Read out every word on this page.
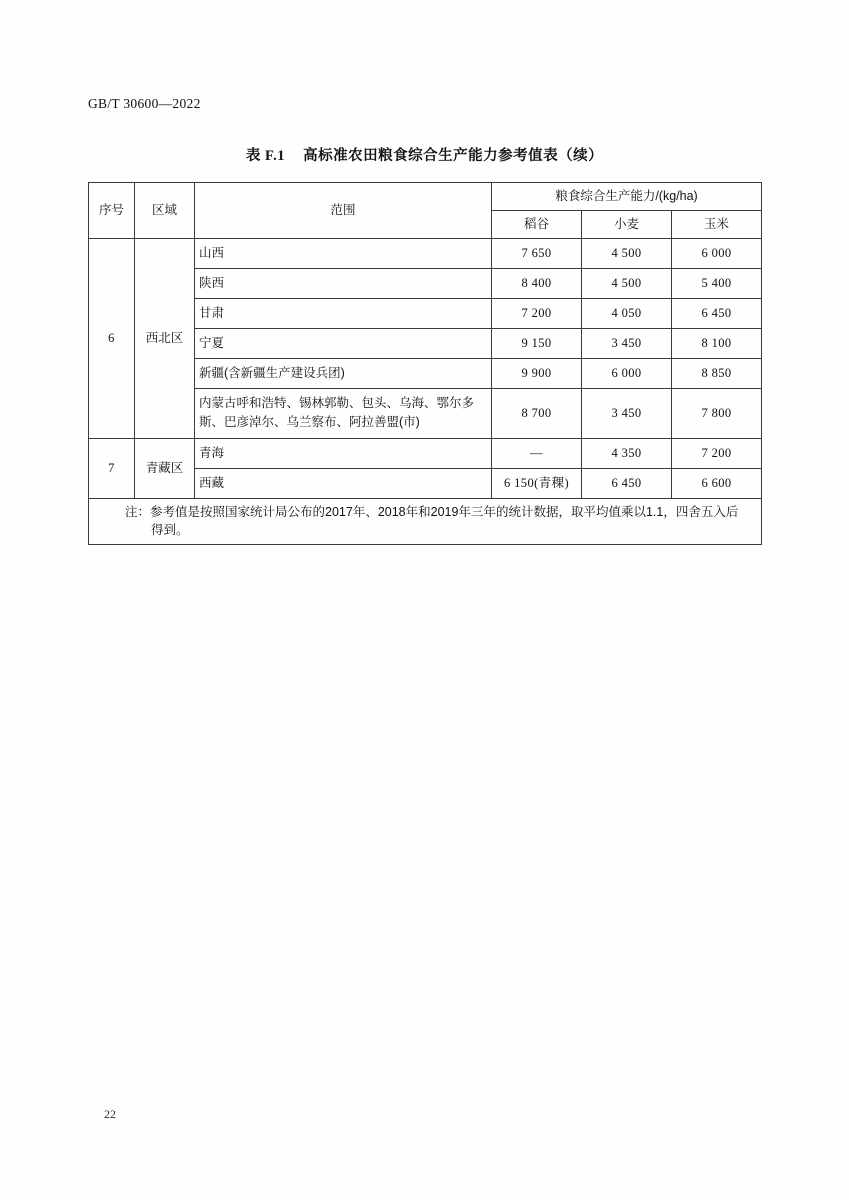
GB/T 30600—2022
表 F.1 高标准农田粮食综合生产能力参考值表（续）
序号	区域	范围	粮食综合生产能力/(kg/ha)		
			稻谷	小麦	玉米
6	西北区	山西	7 650	4 500	6 000
		陕西	8 400	4 500	5 400
		甘肃	7 200	4 050	6 450
		宁夏	9 150	3 450	8 100
		新疆(含新疆生产建设兵团)	9 900	6 000	8 850
		内蒙古呼和浩特、锡林郭勒、包头、乌海、鄂尔多斯、巴彦淖尔、乌兰察布、阿拉善盟(市)	8 700	3 450	7 800
7	青藏区	青海	—	4 350	7 200
		西藏	6 150(青稞)	6 450	6 600

注：参考值是按照国家统计局公布的2017年、2018年和2019年三年的统计数据，取平均值乘以1.1，四舍五入后
得到。					
22
